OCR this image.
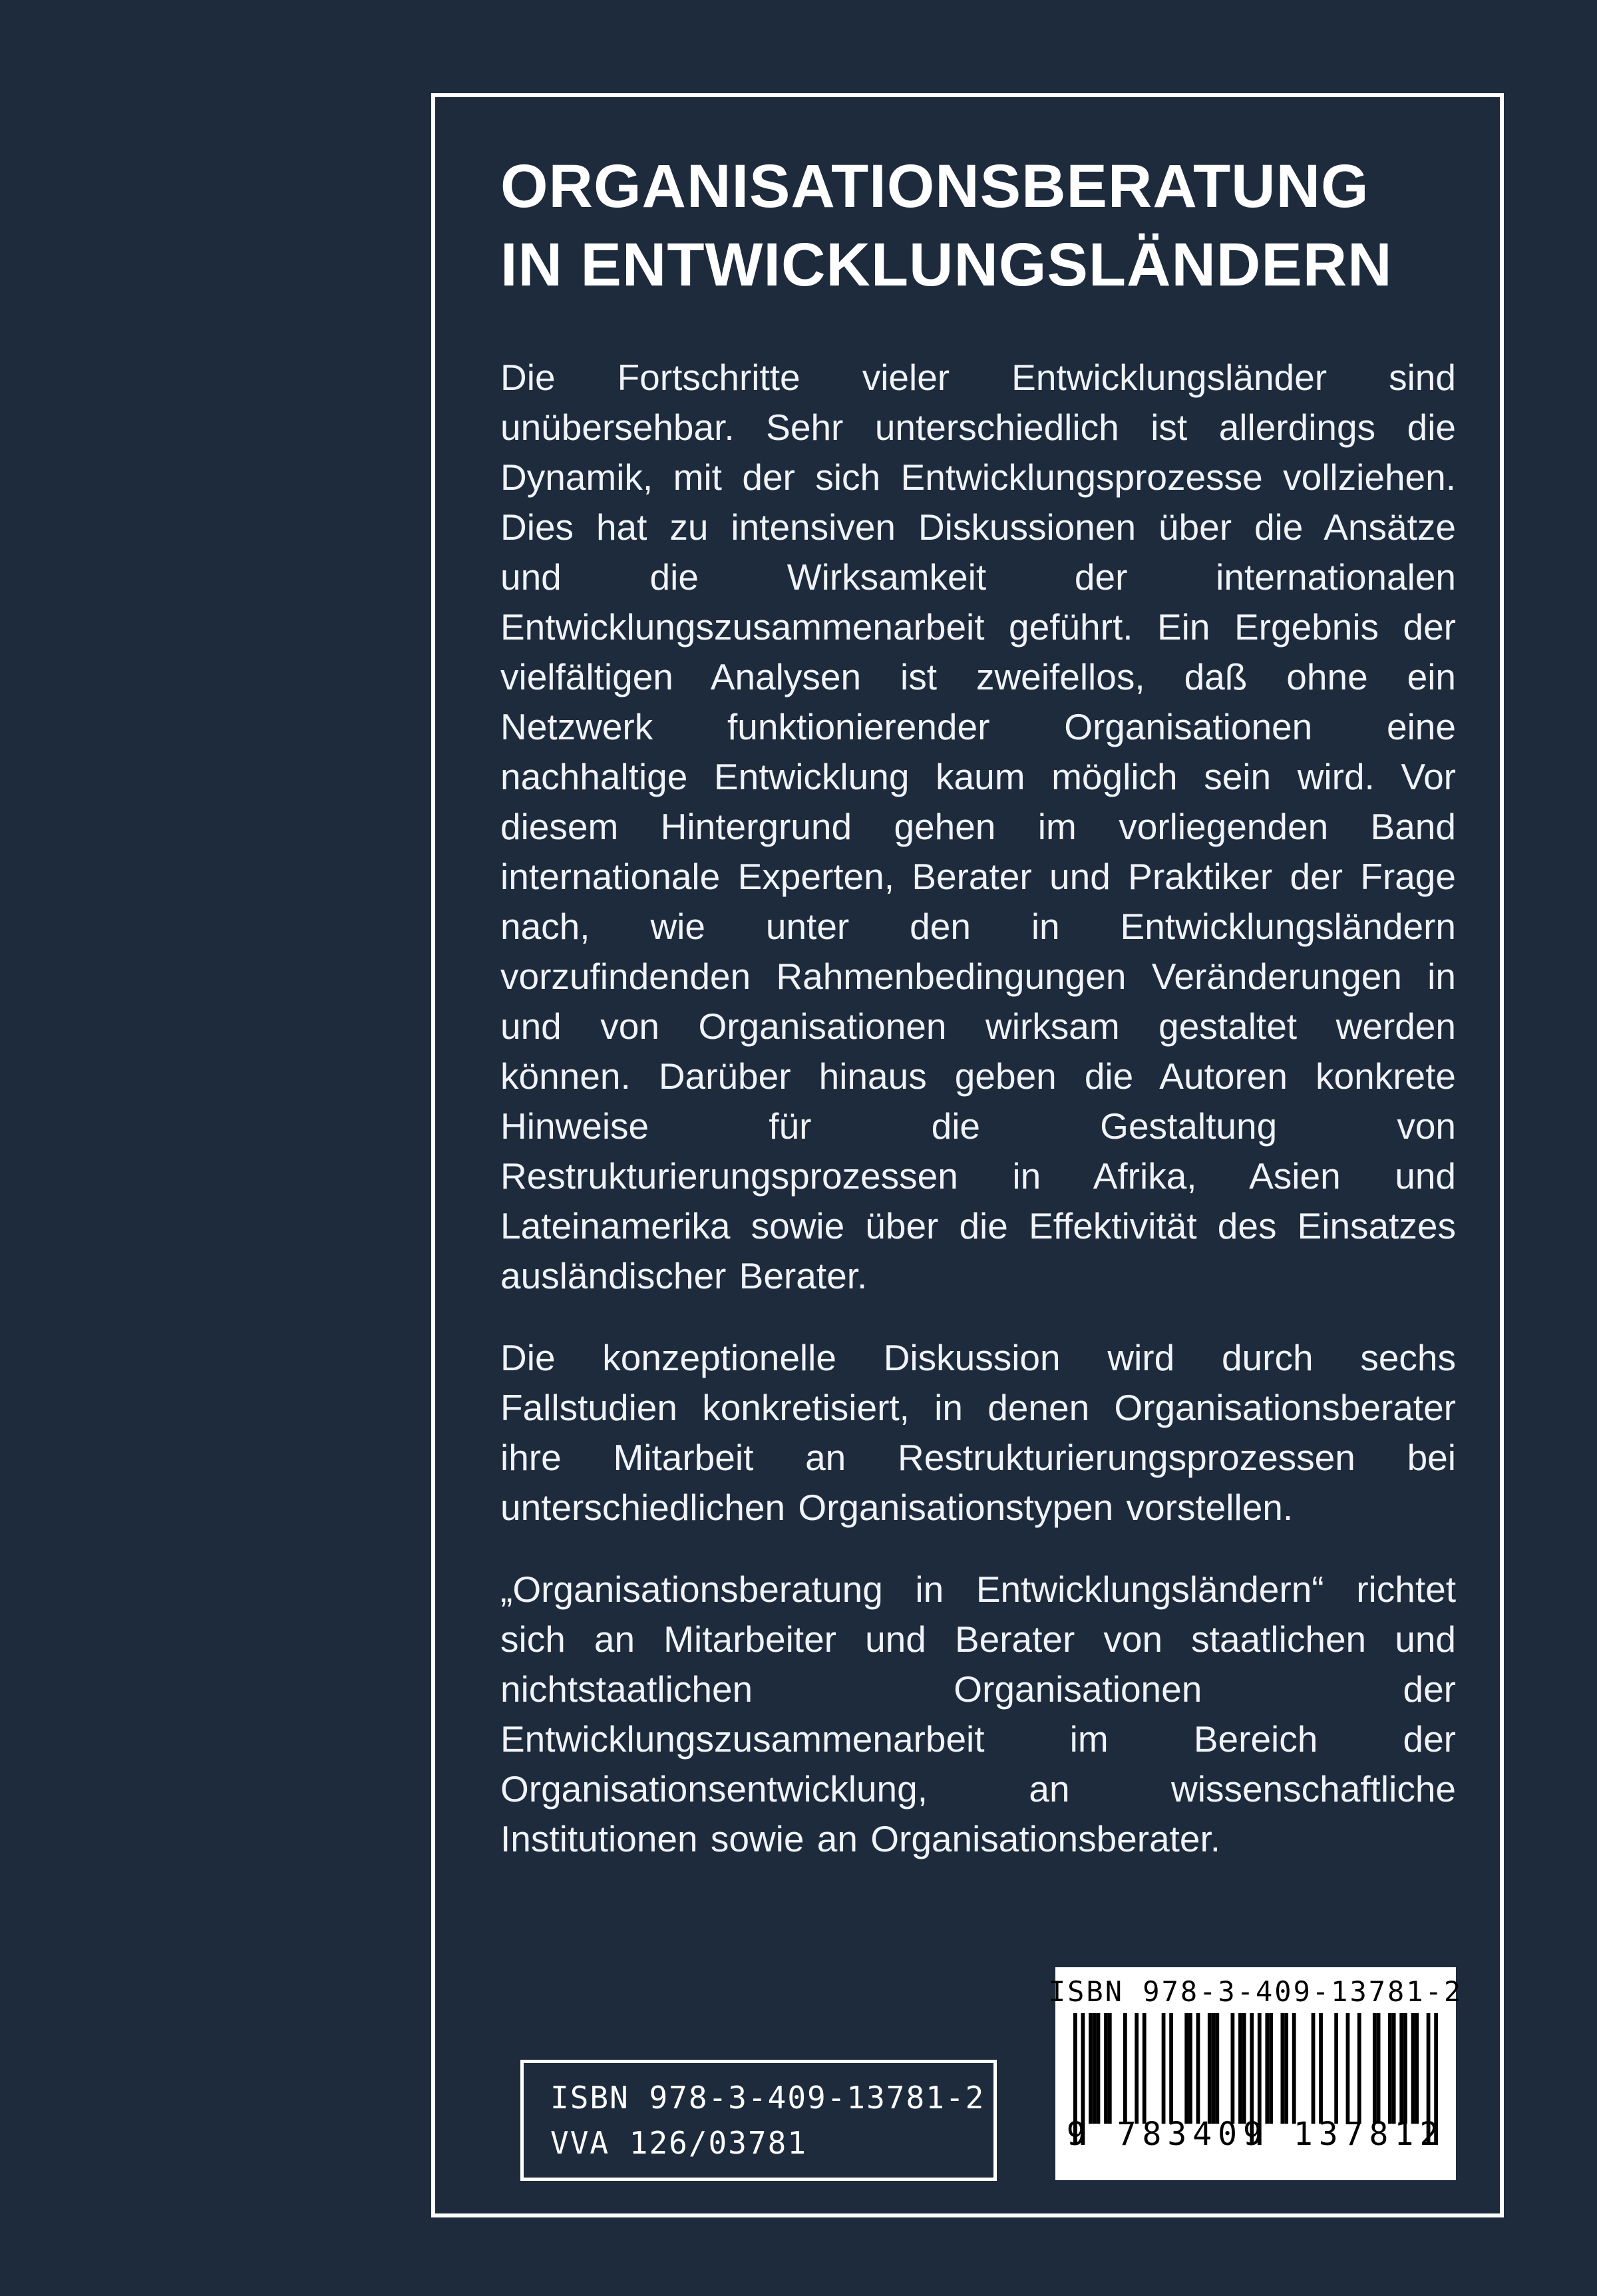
ORGANISATIONSBERATUNG
IN ENTWICKLUNGSLÄNDERN

Die Fortschritte vieler Entwicklungsländer sind unübersehbar. Sehr unterschiedlich ist allerdings die Dynamik, mit der sich Entwicklungsprozesse vollziehen. Dies hat zu intensiven Diskussionen über die Ansätze und die Wirksamkeit der internationalen Entwicklungszusammenarbeit geführt. Ein Ergebnis der vielfältigen Analysen ist zweifellos, daß ohne ein Netzwerk funktionierender Organisationen eine nachhaltige Entwicklung kaum möglich sein wird. Vor diesem Hintergrund gehen im vorliegenden Band internationale Experten, Berater und Praktiker der Frage nach, wie unter den in Entwicklungsländern vorzufindenden Rahmenbedingungen Veränderungen in und von Organisationen wirksam gestaltet werden können. Darüber hinaus geben die Autoren konkrete Hinweise für die Gestaltung von Restrukturierungsprozessen in Afrika, Asien und Lateinamerika sowie über die Effektivität des Einsatzes ausländischer Berater.

Die konzeptionelle Diskussion wird durch sechs Fallstudien konkretisiert, in denen Organisationsberater ihre Mitarbeit an Restrukturierungsprozessen bei unterschiedlichen Organisationstypen vorstellen.

„Organisationsberatung in Entwicklungsländern“ richtet sich an Mitarbeiter und Berater von staatlichen und nichtstaatlichen Organisationen der Entwicklungszusammenarbeit im Bereich der Organisationsentwicklung, an wissenschaftliche Institutionen sowie an Organisationsberater.

ISBN 978-3-409-13781-2
VVA 126/03781
ISBN 978-3-409-13781-2
9 783409 137812
